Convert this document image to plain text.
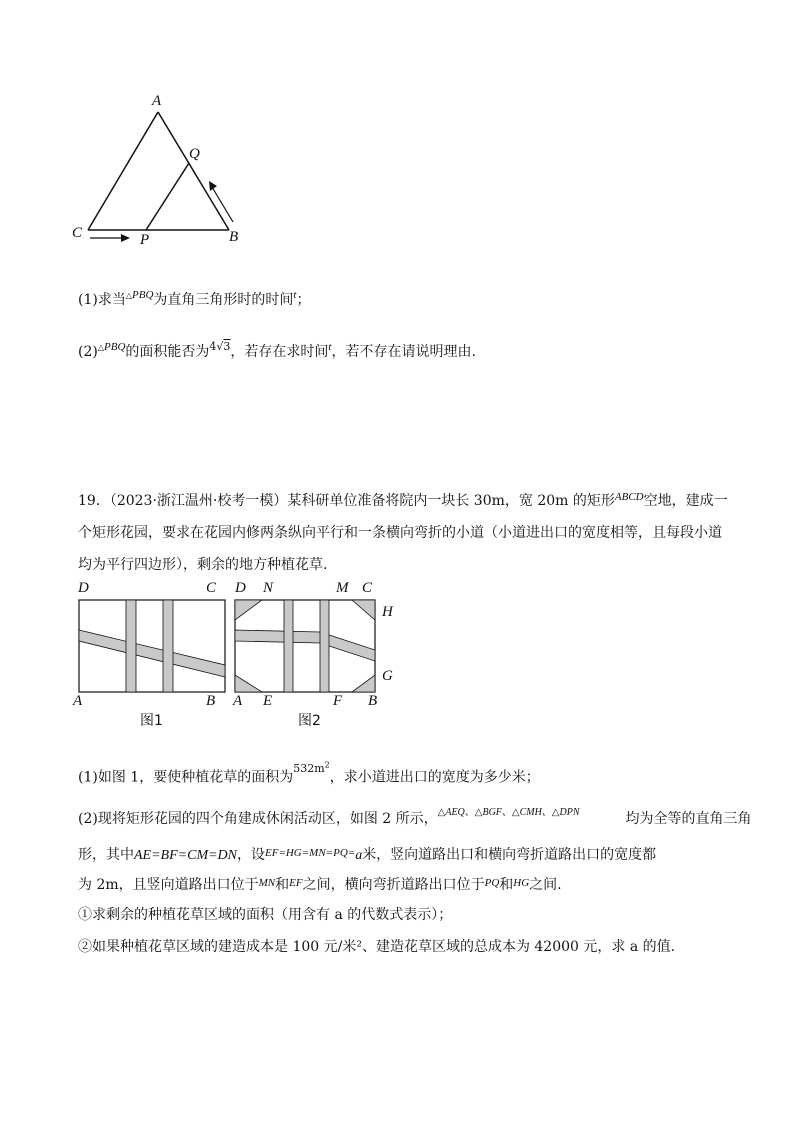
A
Q
C	P	B
(1)求当$^{\triangle PBQ}$为直角三角形时的时间$^t$；
$(2)^{\triangle PBQ}$的面积能否为$^{4√3}$，若存在求时间$^t$，若不存在请说明理由.
19．（2023·浙江温州·校考一模）某科研单位准备将院内一块长 30m，宽 20m 的矩形$^{ABCD}$空地，建成一
个矩形花园，要求在花园内修两条纵向平行和一条横向弯折的小道（小道进出口的宽度相等，且每段小道
均为平行四边形），剩余的地方种植花草.
D	C
A	B
图1
D N	M C
H
G
A E	F B
图2
(1)如图 1，要使种植花草的面积为$^{532m^2}$，求小道进出口的宽度为多少米；
(2)现将矩形花园的四个角建成休闲活动区，如图 2 所示，$^{\triangle AEQ、\triangle BGF、\triangle CMH、\triangle DPN}$	均为全等的直角三角
形，其中AE=BF=CM=DN，设$^{EF=HG=MN=PQ=}$a米，竖向道路出口和横向弯折道路出口的宽度都
为 2m，且竖向道路出口位于$^{MN}$和$^{EF}$之间，横向弯折道路出口位于$^{PQ}$和$^{HG}$之间.
①求剩余的种植花草区域的面积（用含有 a 的代数式表示）；
②如果种植花草区域的建造成本是 100 元/米²、建造花草区域的总成本为 42000 元，求 a 的值.
